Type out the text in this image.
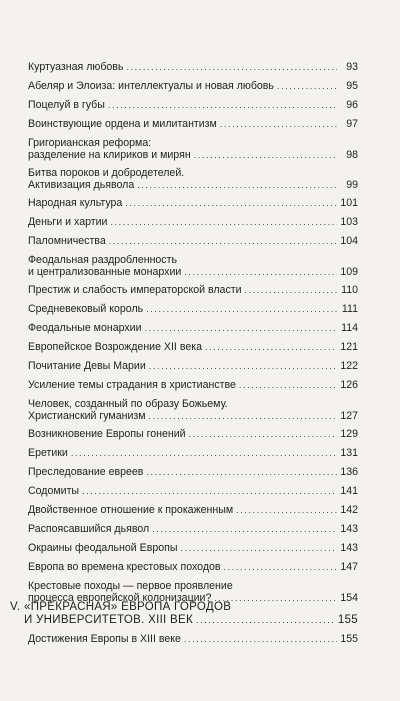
Куртуазная любовь .....	93
Абеляр и Элоиза: интеллектуалы и новая любовь .....	95
Поцелуй в губы .....	96
Воинствующие ордена и милитантизм .....	97
Григорианская реформа:
разделение на клириков и мирян .....	98
Битва пороков и добродетелей.
Активизация дьявола .....	99
Народная культура .....	101
Деньги и хартии .....	103
Паломничества .....	104
Феодальная раздробленность
и централизованные монархии .....	109
Престиж и слабость императорской власти .....	110
Средневековый король .....	111
Феодальные монархии .....	114
Европейское Возрождение XII века .....	121
Почитание Девы Марии .....	122
Усиление темы страдания в христианстве .....	126
Человек, созданный по образу Божьему.
Христианский гуманизм .....	127
Возникновение Европы гонений .....	129
Еретики .....	131
Преследование евреев .....	136
Содомиты .....	141
Двойственное отношение к прокаженным .....	142
Распоясавшийся дьявол .....	143
Окраины феодальной Европы .....	143
Европа во времена крестовых походов .....	147
Крестовые походы — первое проявление
процесса европейской колонизации? .....	154
V. «ПРЕКРАСНАЯ» ЕВРОПА ГОРОДОВ
И УНИВЕРСИТЕТОВ. XIII ВЕК .....	155
Достижения Европы в XIII веке .....	155
